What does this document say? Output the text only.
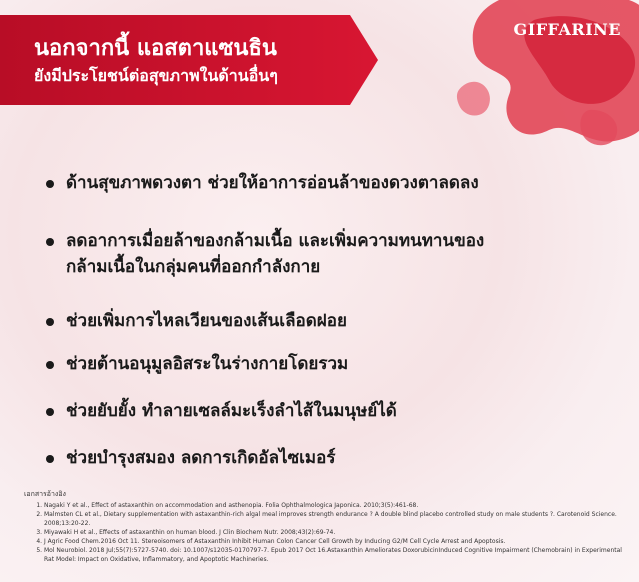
GIFFARINE
นอกจากนี้ แอสตาแซนธิน
ยังมีประโยชน์ต่อสุขภาพในด้านอื่นๆ
ด้านสุขภาพดวงตา ช่วยให้อาการอ่อนล้าของดวงตาลดลง
ลดอาการเมื่อยล้าของกล้ามเนื้อ และเพิ่มความทนทานของ
กล้ามเนื้อในกลุ่มคนที่ออกกำลังกาย
ช่วยเพิ่มการไหลเวียนของเส้นเลือดฝอย
ช่วยต้านอนุมูลอิสระในร่างกายโดยรวม
ช่วยยับยั้ง ทำลายเซลล์มะเร็งลำไส้ในมนุษย์ได้
ช่วยบำรุงสมอง ลดการเกิดอัลไซเมอร์
เอกสารอ้างอิง
1. Nagaki Y et al., Effect of astaxanthin on accommodation and asthenopia. Folia Ophthalmologica Japonica. 2010;3(5):461-68.
2. Malmsten CL et al., Dietary supplementation with astaxanthin-rich algal meal improves strength endurance ? A double blind placebo controlled study on male students ?. Carotenoid Science. 2008;13:20-22.
3. Miyawaki H et al., Effects of astaxanthin on human blood. J Clin Biochem Nutr. 2008;43(2):69-74.
4. J Agric Food Chem.2016 Oct 11. Stereoisomers of Astaxanthin Inhibit Human Colon Cancer Cell Growth by Inducing G2/M Cell Cycle Arrest and Apoptosis.
5. Mol Neurobiol. 2018 Jul;55(7):5727-5740. doi: 10.1007/s12035-0170797-7. Epub 2017 Oct 16.Astaxanthin Ameliorates DoxorubicinInduced Cognitive Impairment (Chemobrain) in Experimental Rat Model: Impact on Oxidative, Inflammatory, and Apoptotic Machineries.
